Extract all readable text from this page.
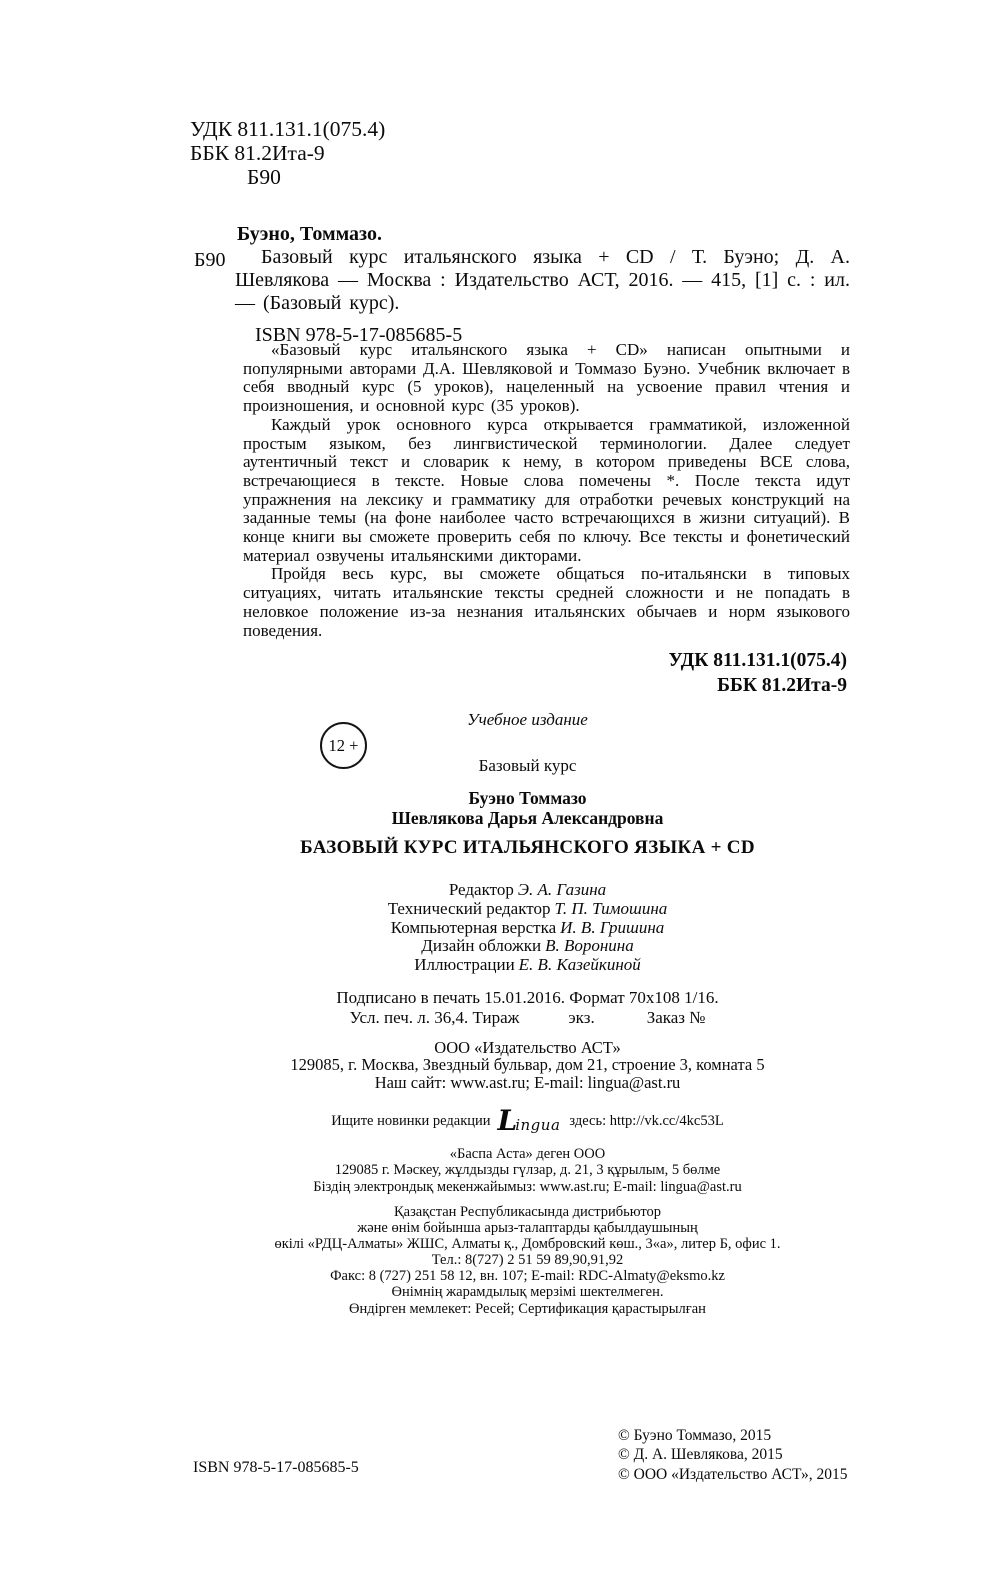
УДК 811.131.1(075.4)
ББК 81.2Ита-9
Б90
Б90
Буэно, Томмазо.

Базовый курс итальянского языка + CD / Т. Буэно; Д. А. Шевлякова — Москва : Издательство АСТ, 2016. — 415, [1] с. : ил. — (Базовый курс).

ISBN 978-5-17-085685-5

«Базовый курс итальянского языка + CD» написан опытными и популярными авторами Д.А. Шевляковой и Томмазо Буэно. Учебник включает в себя вводный курс (5 уроков), нацеленный на усвоение правил чтения и произношения, и основной курс (35 уроков).

Каждый урок основного курса открывается грамматикой, изложенной простым языком, без лингвистической терминологии. Далее следует аутентичный текст и словарик к нему, в котором приведены ВСЕ слова, встречающиеся в тексте. Новые слова помечены *. После текста идут упражнения на лексику и грамматику для отработки речевых конструкций на заданные темы (на фоне наиболее часто встречающихся в жизни ситуаций). В конце книги вы сможете проверить себя по ключу. Все тексты и фонетический материал озвучены итальянскими дикторами.

Пройдя весь курс, вы сможете общаться по-итальянски в типовых ситуациях, читать итальянские тексты средней сложности и не попадать в неловкое положение из-за незнания итальянских обычаев и норм языкового поведения.

УДК 811.131.1(075.4)
ББК 81.2Ита-9
12 +
Учебное издание
Базовый курс
Буэно Томмазо
Шевлякова Дарья Александровна
БАЗОВЫЙ КУРС ИТАЛЬЯНСКОГО ЯЗЫКА + CD
Редактор Э. А. Газина
Технический редактор Т. П. Тимошина
Компьютерная верстка И. В. Гришина
Дизайн обложки В. Воронина
Иллюстрации Е. В. Казейкиной
Подписано в печать 15.01.2016. Формат 70х108 1/16.
Усл. печ. л. 36,4. Тираж	экз.	Заказ №
ООО «Издательство АСТ»
129085, г. Москва, Звездный бульвар, дом 21, строение 3, комната 5
Наш сайт: www.ast.ru; E-mail: lingua@ast.ru
Ищите новинки редакции Lingua здесь: http://vk.cc/4kc53L
«Баспа Аста» деген ООО
129085 г. Мәскеу, жұлдызды гүлзар, д. 21, 3 құрылым, 5 бөлме
Біздің электрондық мекенжайымыз: www.ast.ru; E-mail: lingua@ast.ru
Қазақстан Республикасында дистрибьютор
және өнім бойынша арыз-талаптарды қабылдаушының
өкілі «РДЦ-Алматы» ЖШС, Алматы қ., Домбровский көш., 3«а», литер Б, офис 1.
Тел.: 8(727) 2 51 59 89,90,91,92
Факс: 8 (727) 251 58 12, вн. 107; E-mail: RDC-Almaty@eksmo.kz
Өнімнің жарамдылық мерзімі шектелмеген.
Өндірген мемлекет: Ресей; Сертификация қарастырылған
ISBN 978-5-17-085685-5
© Буэно Томмазо, 2015
© Д. А. Шевлякова, 2015
© ООО «Издательство АСТ», 2015
